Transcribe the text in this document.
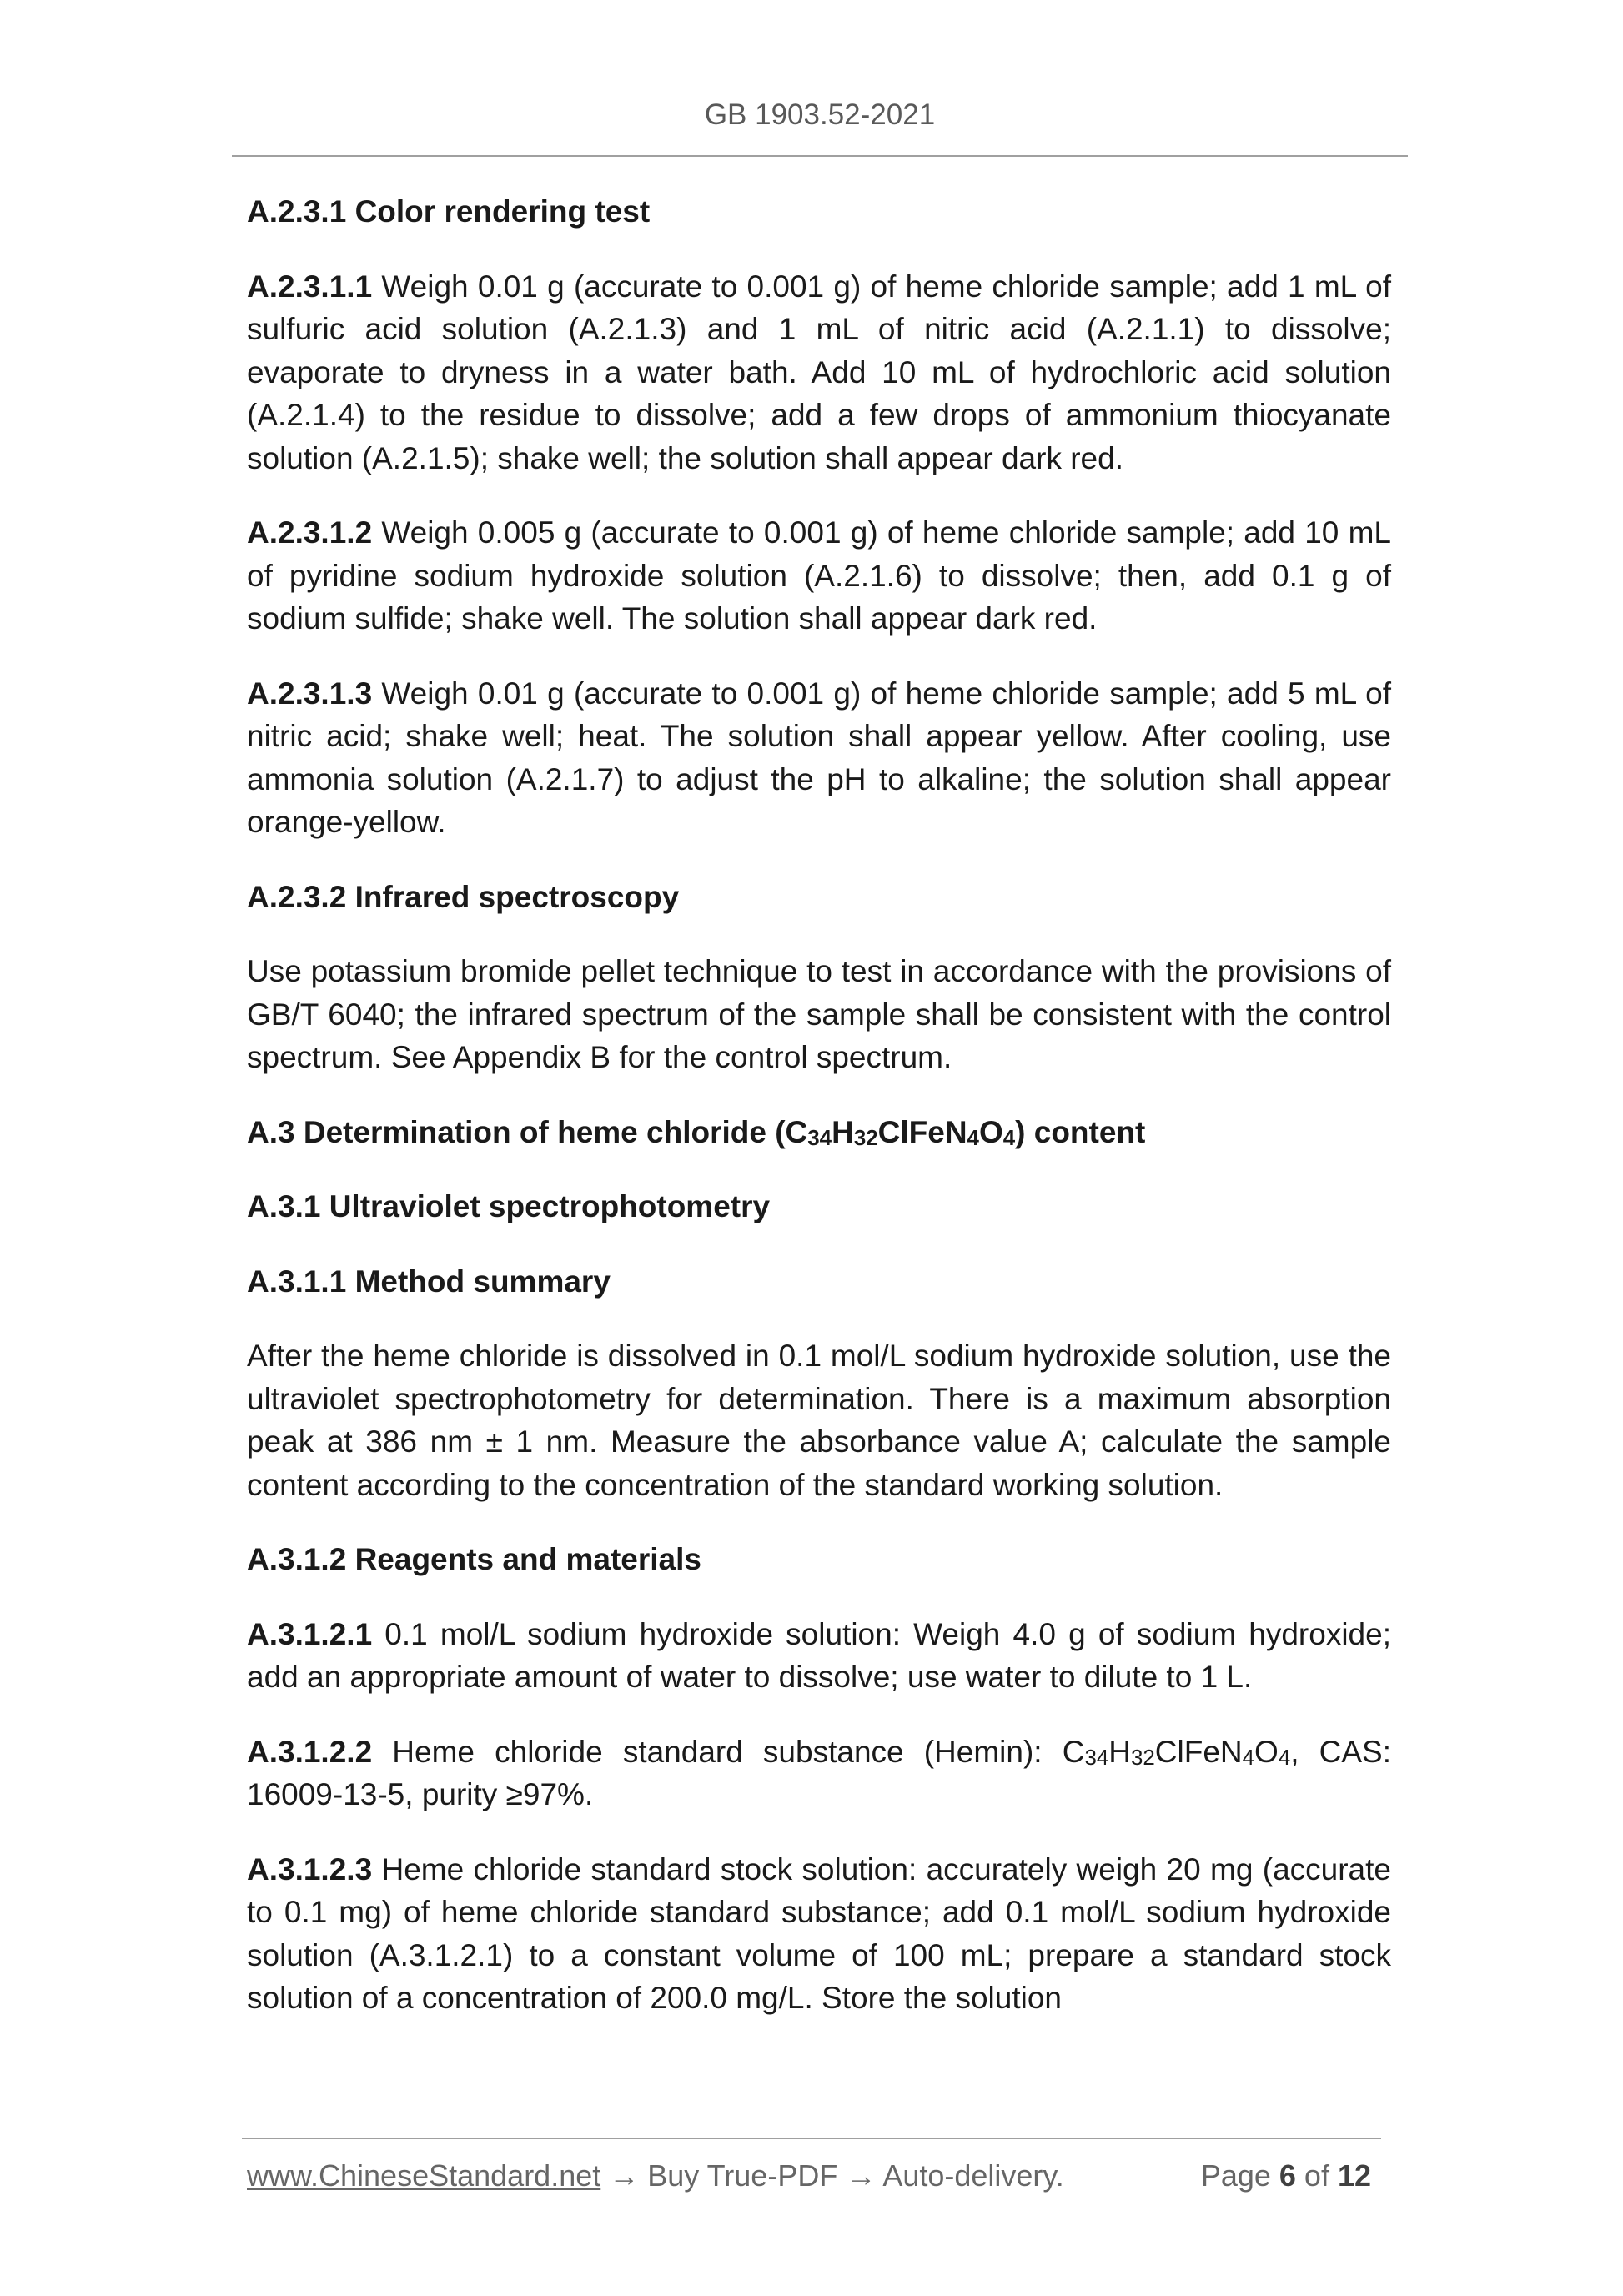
GB 1903.52-2021

A.2.3.1 Color rendering test

A.2.3.1.1 Weigh 0.01 g (accurate to 0.001 g) of heme chloride sample; add 1 mL of sulfuric acid solution (A.2.1.3) and 1 mL of nitric acid (A.2.1.1) to dissolve; evaporate to dryness in a water bath. Add 10 mL of hydrochloric acid solution (A.2.1.4) to the residue to dissolve; add a few drops of ammonium thiocyanate solution (A.2.1.5); shake well; the solution shall appear dark red.

A.2.3.1.2 Weigh 0.005 g (accurate to 0.001 g) of heme chloride sample; add 10 mL of pyridine sodium hydroxide solution (A.2.1.6) to dissolve; then, add 0.1 g of sodium sulfide; shake well. The solution shall appear dark red.

A.2.3.1.3 Weigh 0.01 g (accurate to 0.001 g) of heme chloride sample; add 5 mL of nitric acid; shake well; heat. The solution shall appear yellow. After cooling, use ammonia solution (A.2.1.7) to adjust the pH to alkaline; the solution shall appear orange-yellow.

A.2.3.2 Infrared spectroscopy

Use potassium bromide pellet technique to test in accordance with the provisions of GB/T 6040; the infrared spectrum of the sample shall be consistent with the control spectrum. See Appendix B for the control spectrum.

A.3 Determination of heme chloride $(C_{34}H_{32}ClFeN_4O_4)$ content

A.3.1 Ultraviolet spectrophotometry

A.3.1.1 Method summary

After the heme chloride is dissolved in 0.1 mol/L sodium hydroxide solution, use the ultraviolet spectrophotometry for determination. There is a maximum absorption peak at 386 nm ± 1 nm. Measure the absorbance value A; calculate the sample content according to the concentration of the standard working solution.

A.3.1.2 Reagents and materials

A.3.1.2.1 0.1 mol/L sodium hydroxide solution: Weigh 4.0 g of sodium hydroxide; add an appropriate amount of water to dissolve; use water to dilute to 1 L.

A.3.1.2.2 Heme chloride standard substance (Hemin): $C_{34}H_{32}ClFeN_4O_4$, CAS: 16009-13-5, purity ≥97%.

A.3.1.2.3 Heme chloride standard stock solution: accurately weigh 20 mg (accurate to 0.1 mg) of heme chloride standard substance; add 0.1 mol/L sodium hydroxide solution (A.3.1.2.1) to a constant volume of 100 mL; prepare a standard stock solution of a concentration of 200.0 mg/L. Store the solution

www.ChineseStandard.net → Buy True-PDF → Auto-delivery.	Page 6 of 12
